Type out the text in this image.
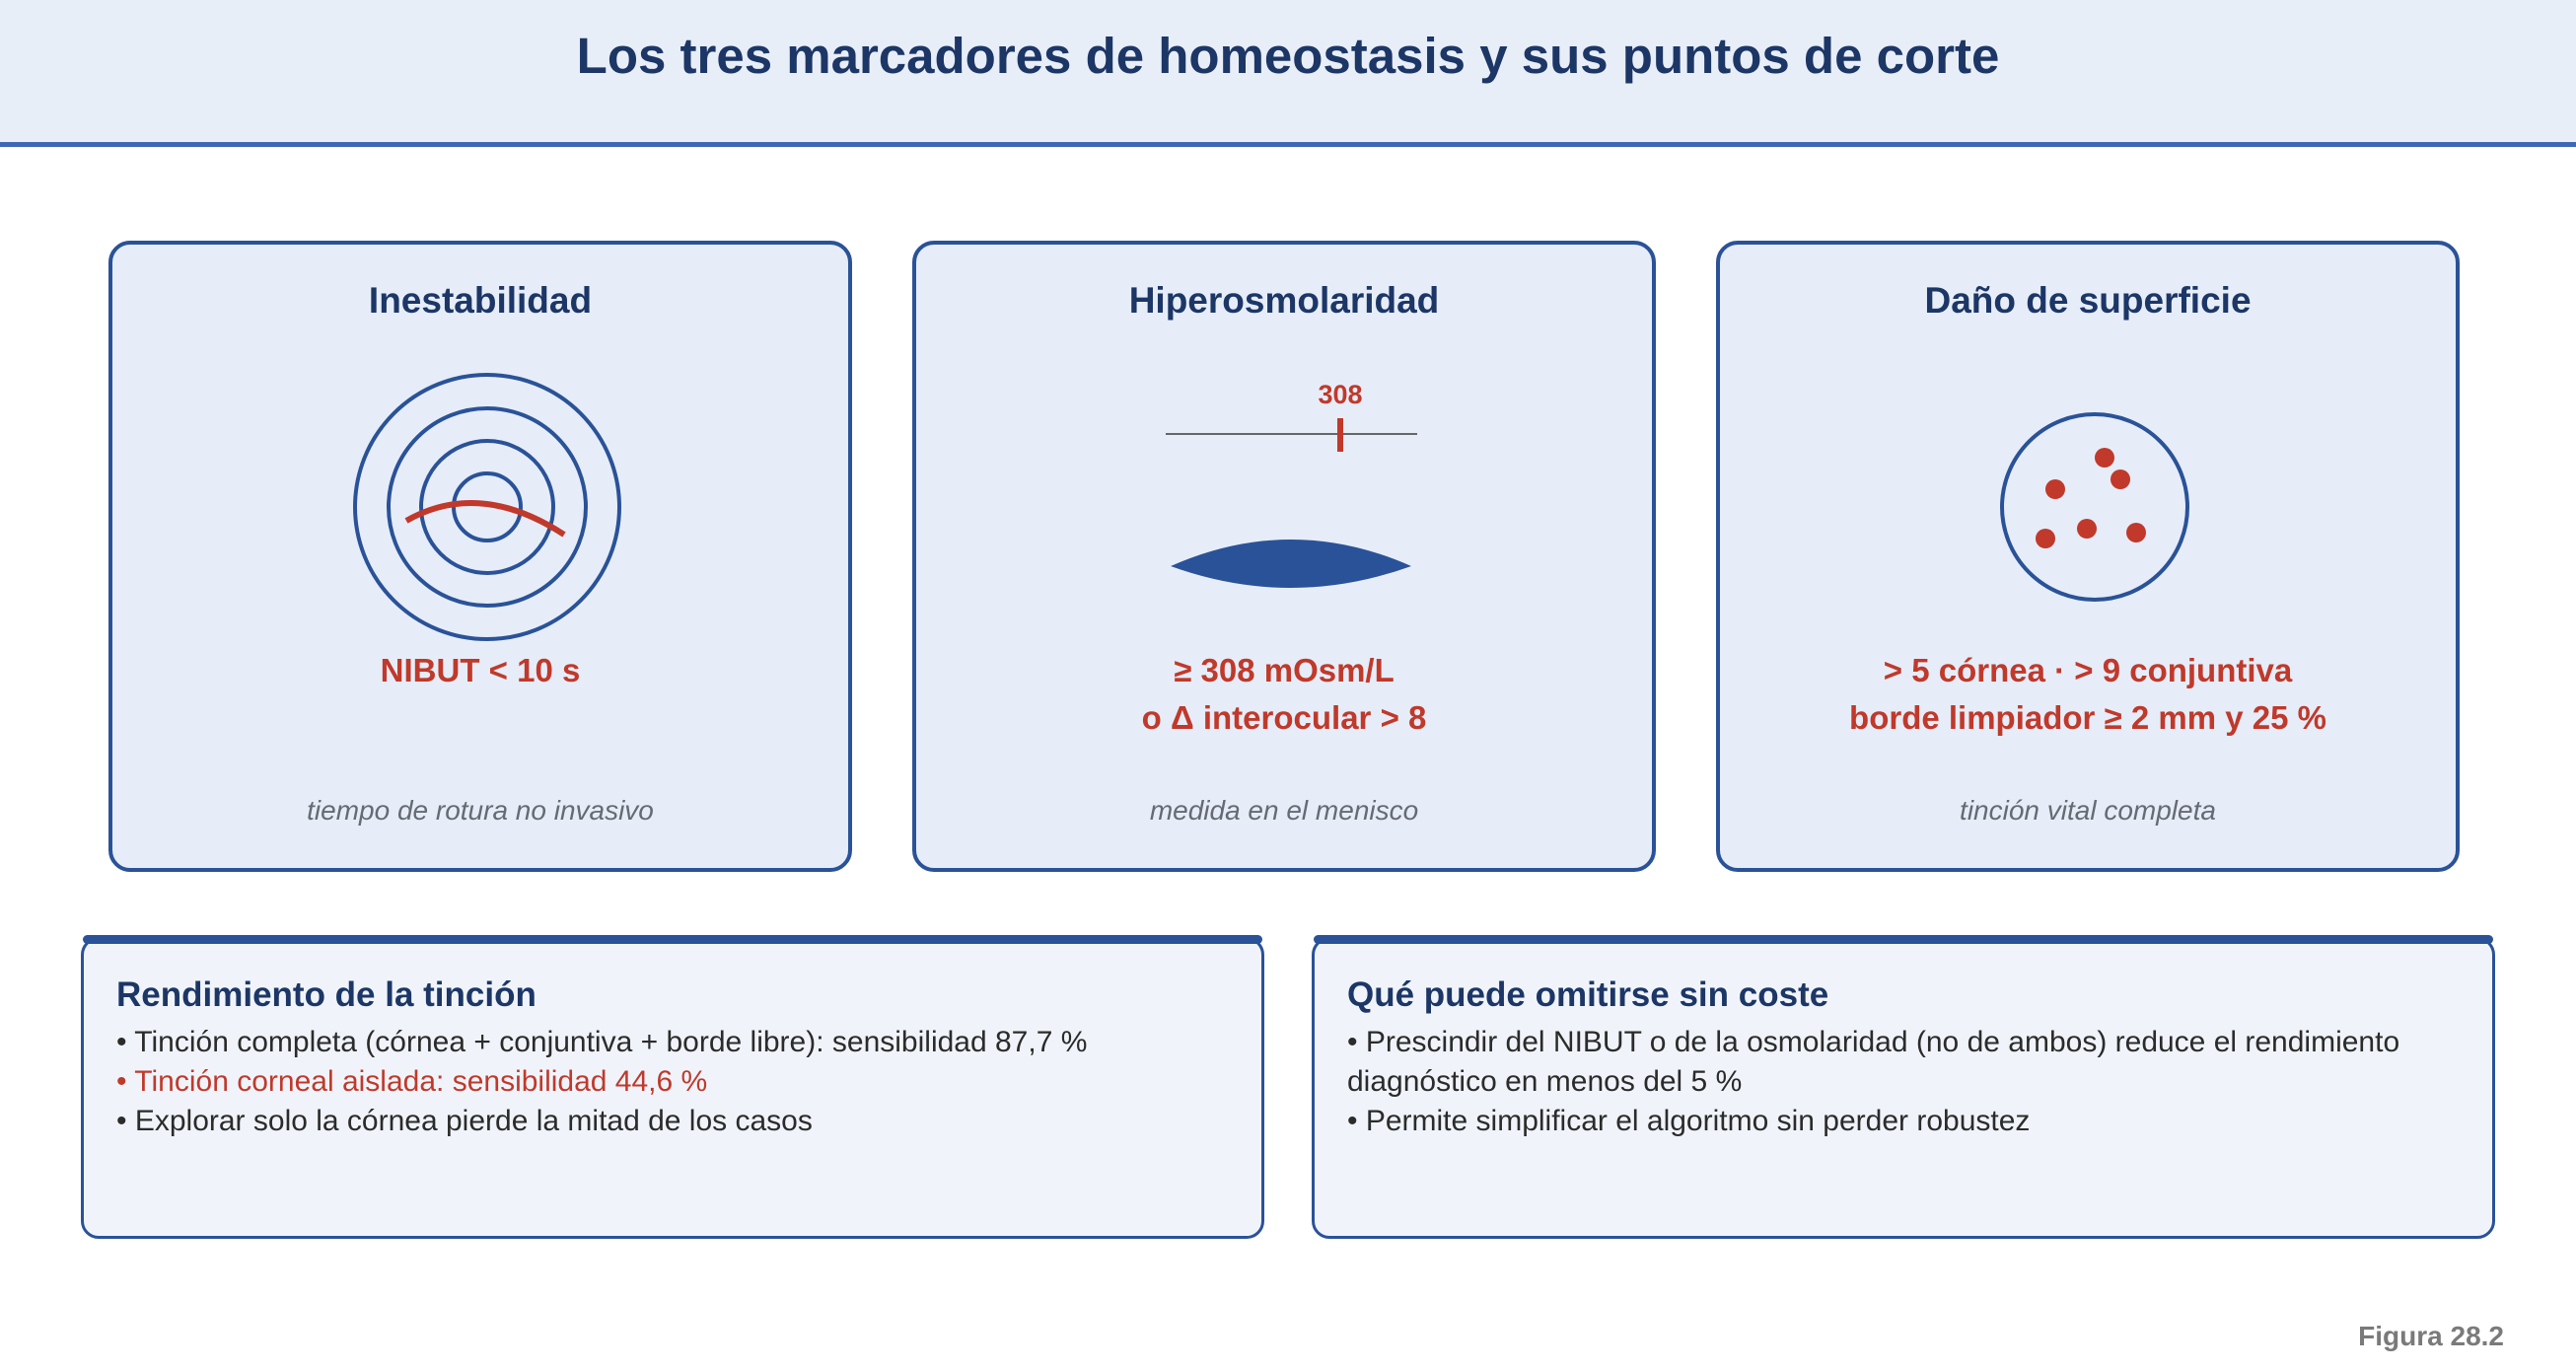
Los tres marcadores de homeostasis y sus puntos de corte
Inestabilidad
NIBUT < 10 s
tiempo de rotura no invasivo
Hiperosmolaridad
308
≥ 308 mOsm/L
o Δ interocular > 8
medida en el menisco
Daño de superficie
> 5 córnea · > 9 conjuntiva
borde limpiador ≥ 2 mm y 25 %
tinción vital completa
Rendimiento de la tinción

• Tinción completa (córnea + conjuntiva + borde libre): sensibilidad 87,7 %

• Tinción corneal aislada: sensibilidad 44,6 %

• Explorar solo la córnea pierde la mitad de los casos

Qué puede omitirse sin coste

• Prescindir del NIBUT o de la osmolaridad (no de ambos) reduce el rendimiento diagnóstico en menos del 5 %

• Permite simplificar el algoritmo sin perder robustez

Figura 28.2
